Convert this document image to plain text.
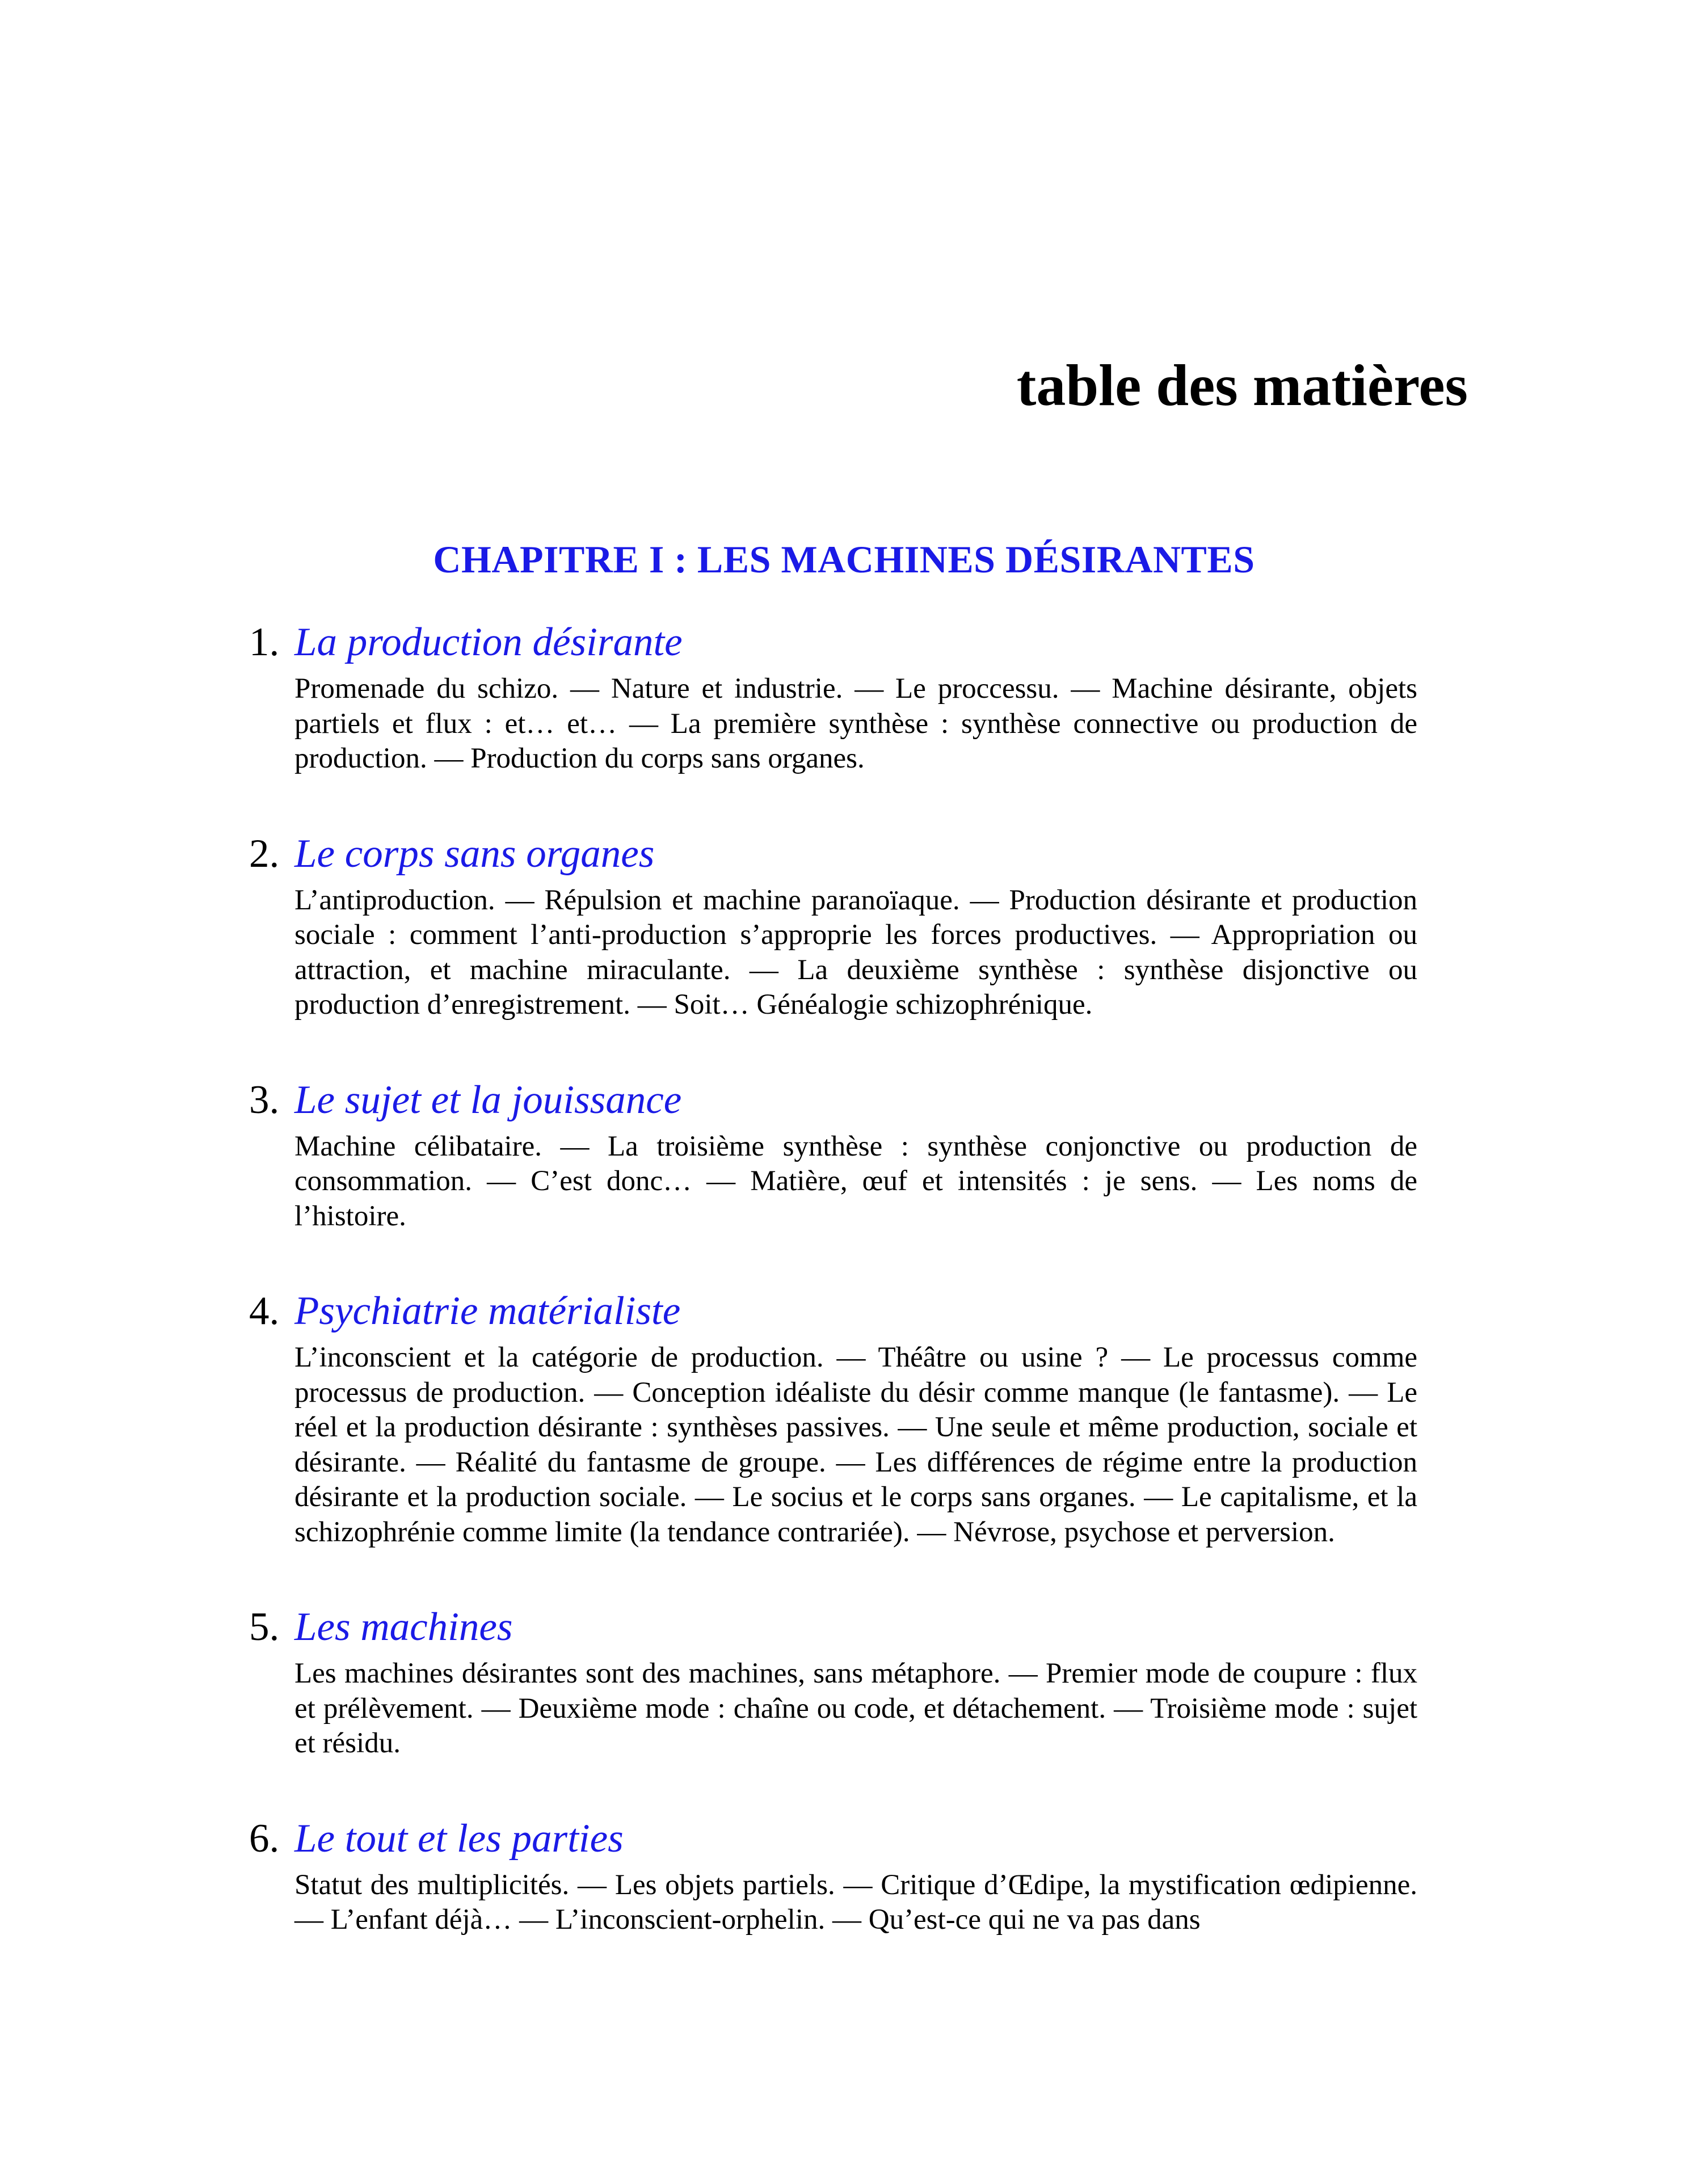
table des matières
CHAPITRE I : LES MACHINES DÉSIRANTES
1. La production désirante

Promenade du schizo. — Nature et industrie. — Le proccessu. — Machine désirante, objets partiels et flux : et… et… — La première synthèse : synthèse connective ou production de production. — Production du corps sans organes.

2. Le corps sans organes

L’antiproduction. — Répulsion et machine paranoïaque. — Production désirante et production sociale : comment l’anti-production s’approprie les forces productives. — Appropriation ou attraction, et machine miraculante. — La deuxième synthèse : synthèse disjonctive ou production d’enregistrement. — Soit… Généalogie schizophrénique.

3. Le sujet et la jouissance

Machine célibataire. — La troisième synthèse : synthèse conjonctive ou production de consommation. — C’est donc… — Matière, œuf et intensités : je sens. — Les noms de l’histoire.

4. Psychiatrie matérialiste

L’inconscient et la catégorie de production. — Théâtre ou usine ? — Le processus comme processus de production. — Conception idéaliste du désir comme manque (le fantasme). — Le réel et la production désirante : synthèses passives. — Une seule et même production, sociale et désirante. — Réalité du fantasme de groupe. — Les différences de régime entre la production désirante et la production sociale. — Le socius et le corps sans organes. — Le capitalisme, et la schizophrénie comme limite (la tendance contrariée). — Névrose, psychose et perversion.

5. Les machines

Les machines désirantes sont des machines, sans métaphore. — Premier mode de coupure : flux et prélèvement. — Deuxième mode : chaîne ou code, et détachement. — Troisième mode : sujet et résidu.

6. Le tout et les parties

Statut des multiplicités. — Les objets partiels. — Critique d’Œdipe, la mystification œdipienne. — L’enfant déjà… — L’inconscient-orphelin. — Qu’est-ce qui ne va pas dans
